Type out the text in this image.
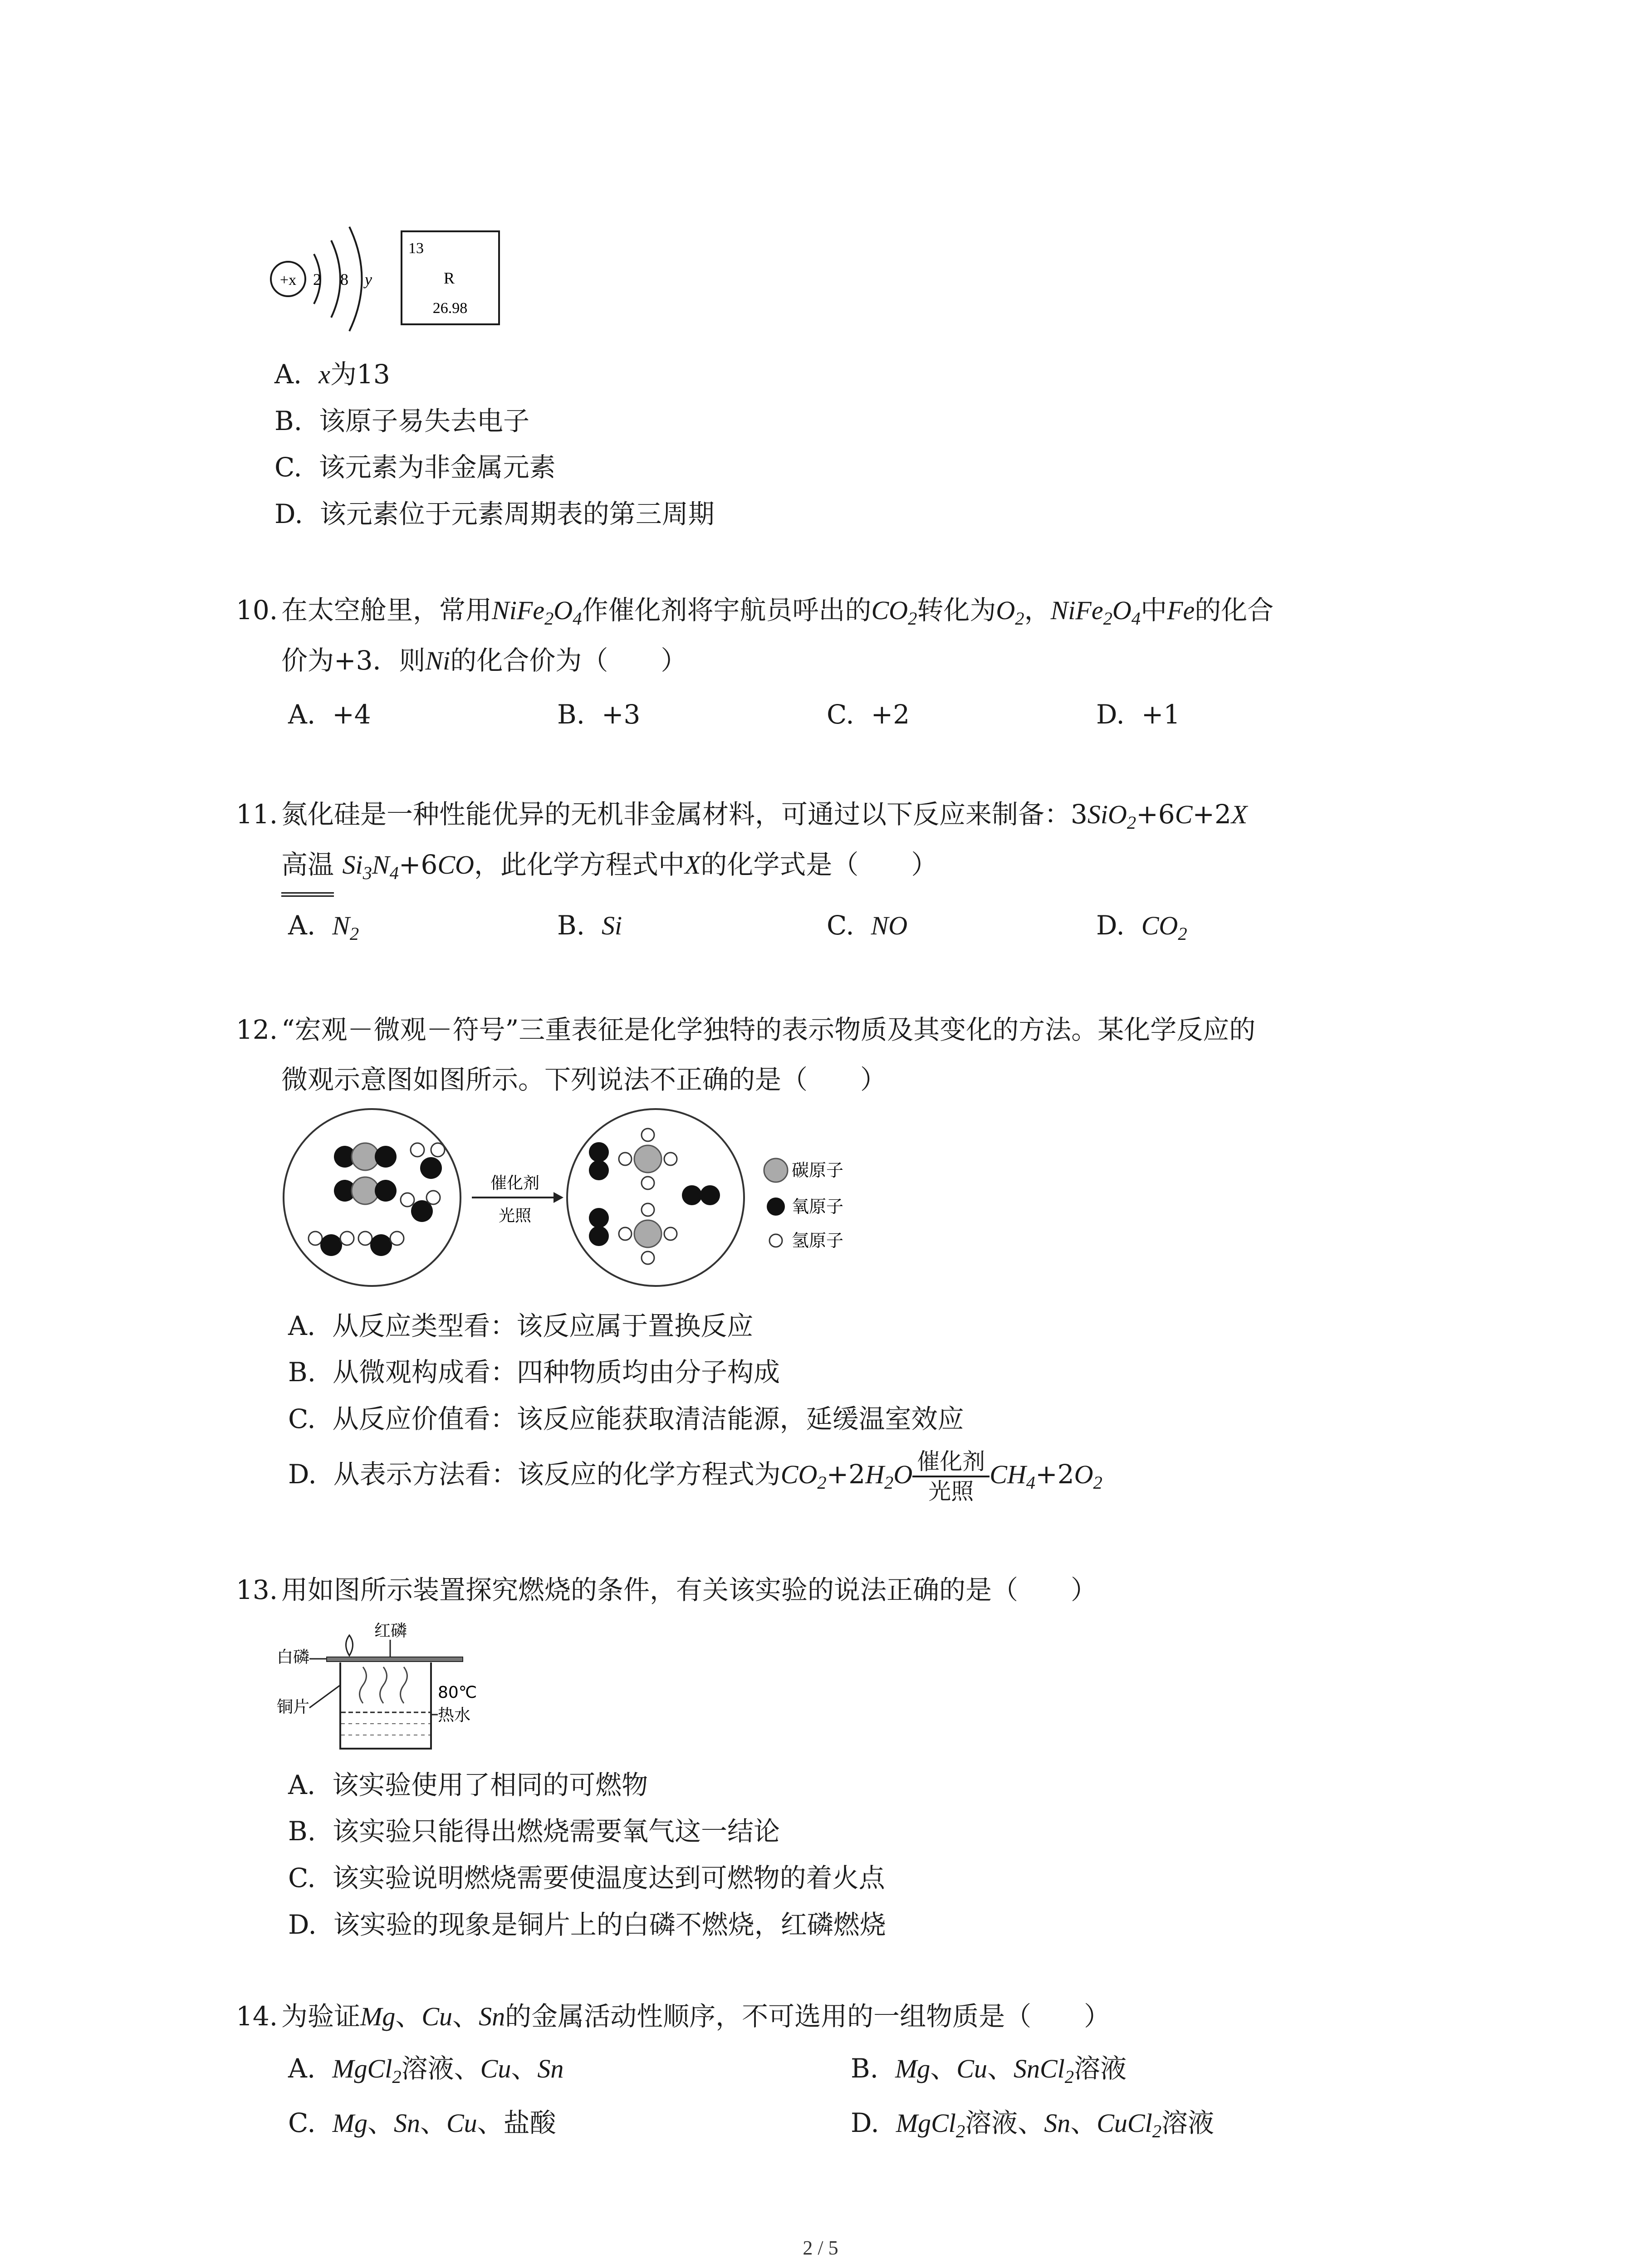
+x 2 8 y
13
R
26.98
A. x为13
B. 该原子易失去电子
C. 该元素为非金属元素
D. 该元素位于元素周期表的第三周期
10. 在太空舱里，常用$NiFe_2O_4$作催化剂将宇航员呼出的$CO_2$转化为$O_2$，$NiFe_2O_4$中Fe的化合
价为+3．则Ni的化合价为（　　）
A. +4	B. +3	C. +2	D. +1
11. 氮化硅是一种性能优异的无机非金属材料，可通过以下反应来制备：3SiO$_2$+6C+2X
高温 $Si_3N_4+6CO$，此化学方程式中X的化学式是（　　）
A. $N_2$	B. Si	C. NO	D. $CO_2$
12. “宏观－微观－符号”三重表征是化学独特的表示物质及其变化的方法。某化学反应的
微观示意图如图所示。下列说法不正确的是（　　）
催化剂
光照
碳原子
氧原子
氢原子
A. 从反应类型看：该反应属于置换反应
B. 从微观构成看：四种物质均由分子构成
C. 从反应价值看：该反应能获取清洁能源，延缓温室效应
D. 从表示方法看：该反应的化学方程式为$CO_2+2H_2O$ 催化剂
光照
$CH_4+2O_2$
13. 用如图所示装置探究燃烧的条件，有关该实验的说法正确的是（　　）
红磷
白磷
铜片
80℃
热水
A. 该实验使用了相同的可燃物
B. 该实验只能得出燃烧需要氧气这一结论
C. 该实验说明燃烧需要使温度达到可燃物的着火点
D. 该实验的现象是铜片上的白磷不燃烧，红磷燃烧
14. 为验证Mg、Cu、Sn的金属活动性顺序，不可选用的一组物质是（　　）
A. MgCl$_2$溶液、Cu、Sn	B. Mg、Cu、SnCl$_2$溶液
C. Mg、Sn、Cu、盐酸	D. MgCl$_2$溶液、Sn、CuCl$_2$溶液
2 / 5
